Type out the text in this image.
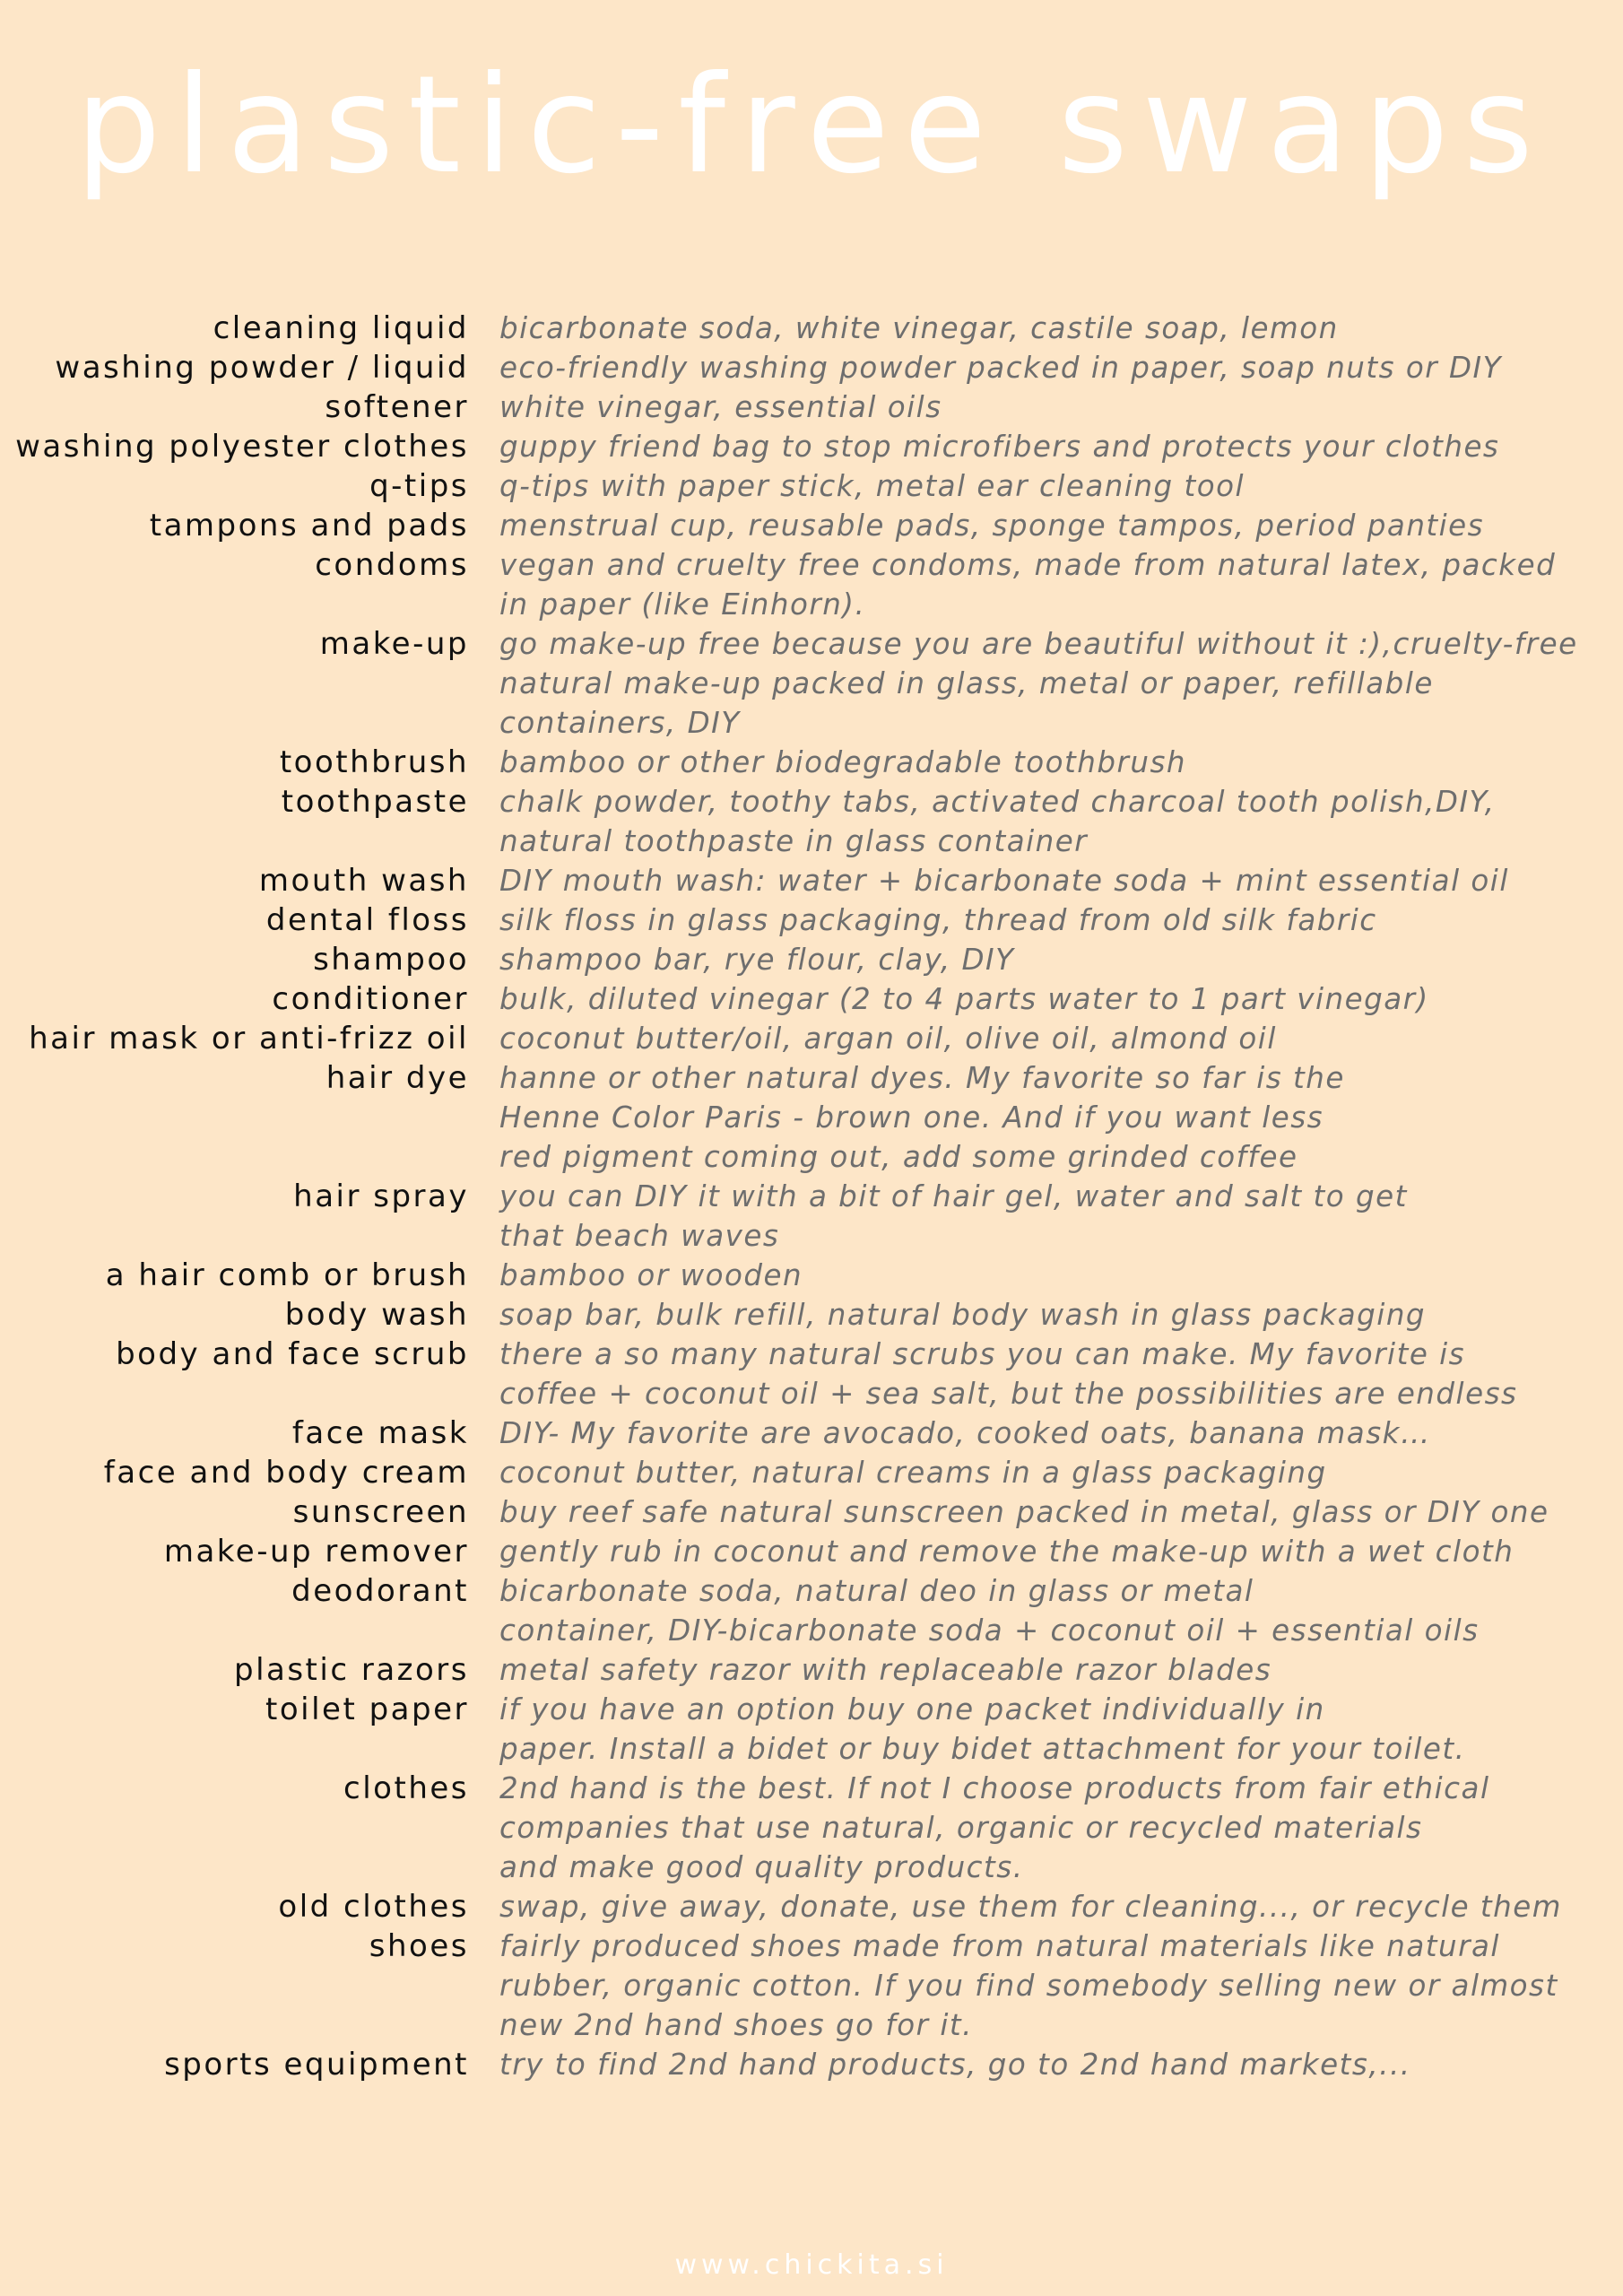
plastic-free swaps
cleaning liquid bicarbonate soda, white vinegar, castile soap, lemon
washing powder / liquid eco-friendly washing powder packed in paper, soap nuts or DIY
softener white vinegar, essential oils
washing polyester clothes guppy friend bag to stop microfibers and protects your clothes
q-tips q-tips with paper stick, metal ear cleaning tool
tampons and pads menstrual cup, reusable pads, sponge tampos, period panties
condoms vegan and cruelty free condoms, made from natural latex, packed
in paper (like Einhorn).
make-up go make-up free because you are beautiful without it :),cruelty-free
natural make-up packed in glass, metal or paper, refillable
containers, DIY
toothbrush bamboo or other biodegradable toothbrush
toothpaste chalk powder, toothy tabs, activated charcoal tooth polish,DIY,
natural toothpaste in glass container
mouth wash DIY mouth wash: water + bicarbonate soda + mint essential oil
dental floss silk floss in glass packaging, thread from old silk fabric
shampoo shampoo bar, rye flour, clay, DIY
conditioner bulk, diluted vinegar (2 to 4 parts water to 1 part vinegar)
hair mask or anti-frizz oil coconut butter/oil, argan oil, olive oil, almond oil
hair dye hanne or other natural dyes. My favorite so far is the
Henne Color Paris - brown one. And if you want less
red pigment coming out, add some grinded coffee
hair spray you can DIY it with a bit of hair gel, water and salt to get
that beach waves
a hair comb or brush bamboo or wooden
body wash soap bar, bulk refill, natural body wash in glass packaging
body and face scrub there a so many natural scrubs you can make. My favorite is
coffee + coconut oil + sea salt, but the possibilities are endless
face mask DIY- My favorite are avocado, cooked oats, banana mask…
face and body cream coconut butter, natural creams in a glass packaging
sunscreen buy reef safe natural sunscreen packed in metal, glass or DIY one
make-up remover gently rub in coconut and remove the make-up with a wet cloth
deodorant bicarbonate soda, natural deo in glass or metal
container, DIY-bicarbonate soda + coconut oil + essential oils
plastic razors metal safety razor with replaceable razor blades
toilet paper if you have an option buy one packet individually in
paper. Install a bidet or buy bidet attachment for your toilet.
clothes 2nd hand is the best. If not I choose products from fair ethical
companies that use natural, organic or recycled materials
and make good quality products.
old clothes swap, give away, donate, use them for cleaning..., or recycle them
shoes fairly produced shoes made from natural materials like natural
rubber, organic cotton. If you find somebody selling new or almost
new 2nd hand shoes go for it.
sports equipment try to find 2nd hand products, go to 2nd hand markets,...
www.chickita.si
